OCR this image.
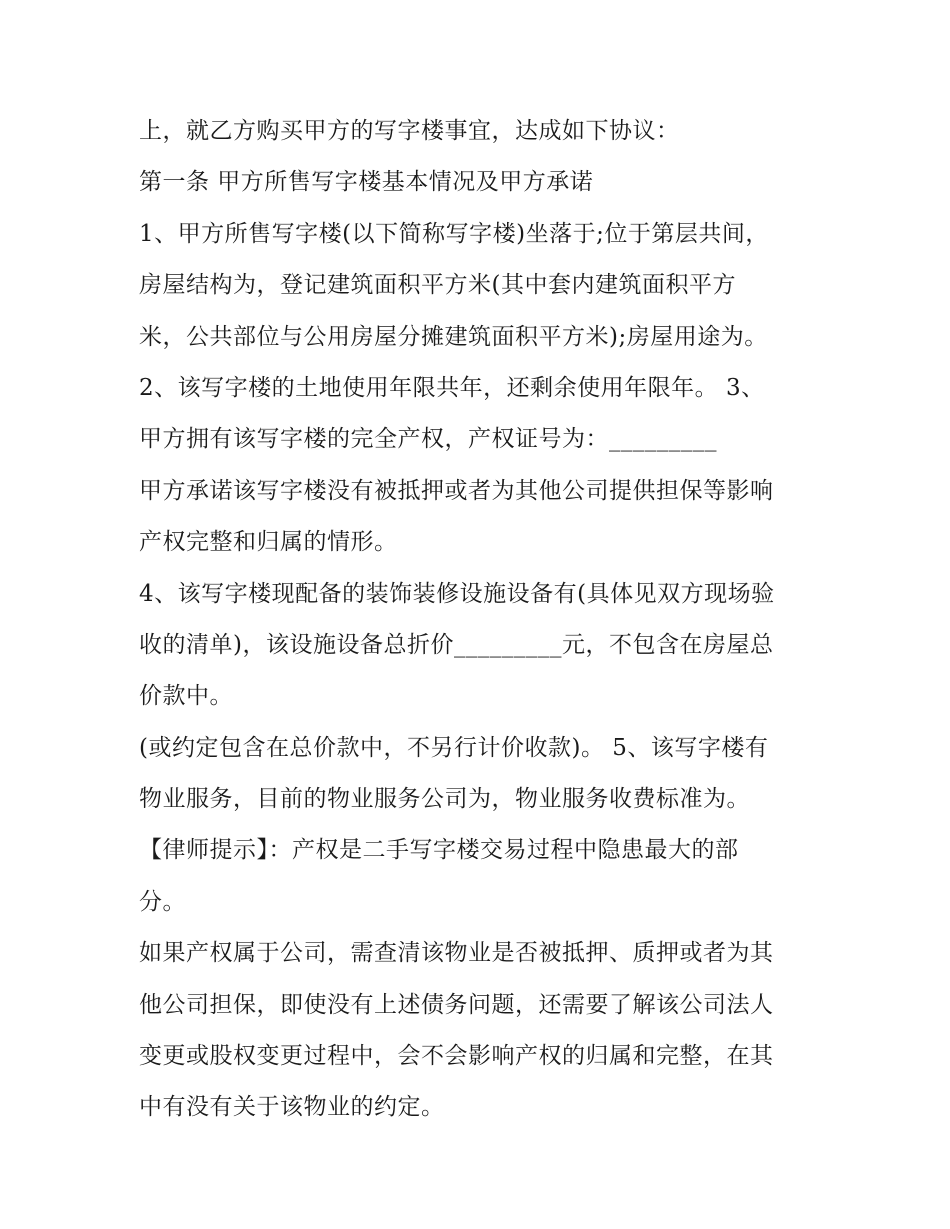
上，就乙方购买甲方的写字楼事宜，达成如下协议：

第一条 甲方所售写字楼基本情况及甲方承诺

1、甲方所售写字楼(以下简称写字楼)坐落于;位于第层共间，

房屋结构为，登记建筑面积平方米(其中套内建筑面积平方

米，公共部位与公用房屋分摊建筑面积平方米);房屋用途为。

2、该写字楼的土地使用年限共年，还剩余使用年限年。 3、

甲方拥有该写字楼的完全产权，产权证号为：_________

甲方承诺该写字楼没有被抵押或者为其他公司提供担保等影响

产权完整和归属的情形。

4、该写字楼现配备的装饰装修设施设备有(具体见双方现场验

收的清单)，该设施设备总折价_________元，不包含在房屋总

价款中。

(或约定包含在总价款中，不另行计价收款)。 5、该写字楼有

物业服务，目前的物业服务公司为，物业服务收费标准为。

【律师提示】：产权是二手写字楼交易过程中隐患最大的部

分。

如果产权属于公司，需查清该物业是否被抵押、质押或者为其

他公司担保，即使没有上述债务问题，还需要了解该公司法人

变更或股权变更过程中，会不会影响产权的归属和完整，在其

中有没有关于该物业的约定。
